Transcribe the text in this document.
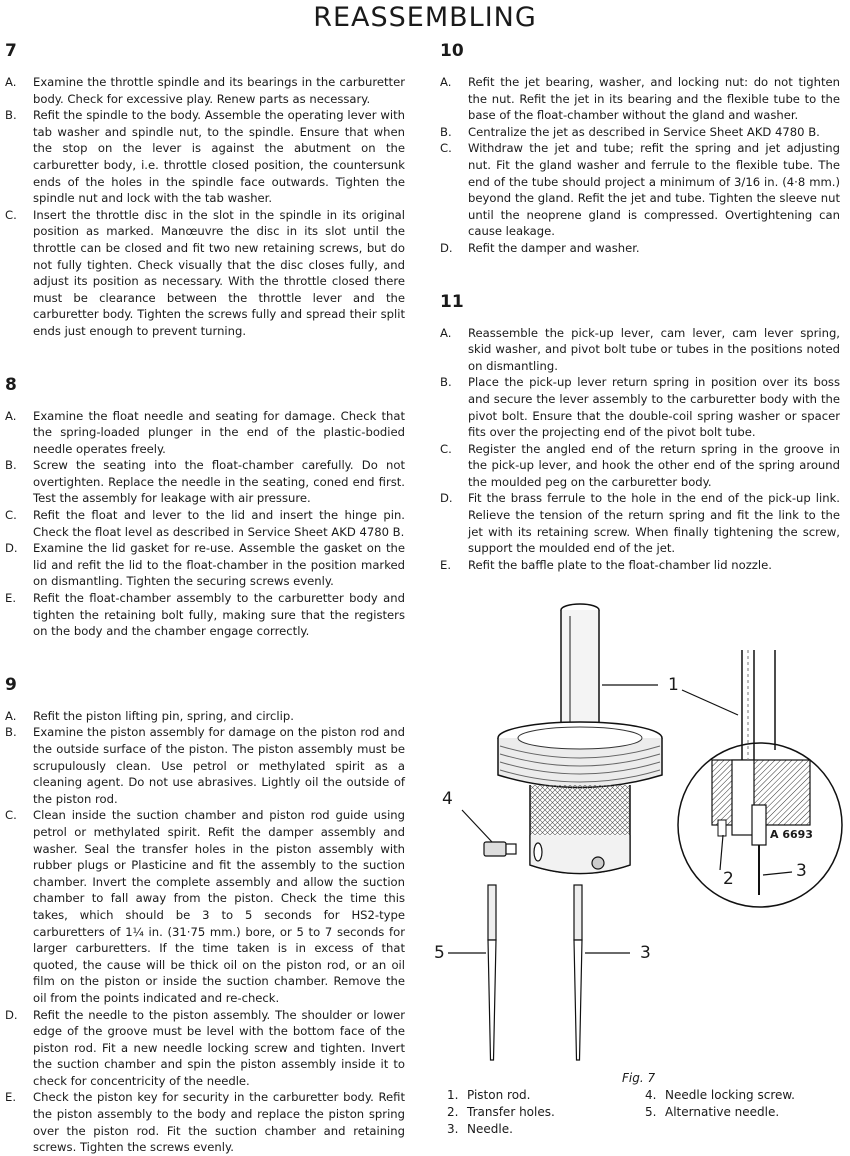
REASSEMBLING
7
A.	Examine the throttle spindle and its bearings in the carburetter body. Check for excessive play. Renew parts as necessary.
B.	Refit the spindle to the body. Assemble the operating lever with tab washer and spindle nut, to the spindle. Ensure that when the stop on the lever is against the abutment on the carburetter body, i.e. throttle closed position, the countersunk ends of the holes in the spindle face outwards. Tighten the spindle nut and lock with the tab washer.
C.	Insert the throttle disc in the slot in the spindle in its original position as marked. Manœuvre the disc in its slot until the throttle can be closed and fit two new retaining screws, but do not fully tighten. Check visually that the disc closes fully, and adjust its position as necessary. With the throttle closed there must be clearance between the throttle lever and the carburetter body. Tighten the screws fully and spread their split ends just enough to prevent turning.
8
A.	Examine the float needle and seating for damage. Check that the spring-loaded plunger in the end of the plastic-bodied needle operates freely.
B.	Screw the seating into the float-chamber carefully. Do not overtighten. Replace the needle in the seating, coned end first. Test the assembly for leakage with air pressure.
C.	Refit the float and lever to the lid and insert the hinge pin. Check the float level as described in Service Sheet AKD 4780 B.
D.	Examine the lid gasket for re-use. Assemble the gasket on the lid and refit the lid to the float-chamber in the position marked on dismantling. Tighten the securing screws evenly.
E.	Refit the float-chamber assembly to the carburetter body and tighten the retaining bolt fully, making sure that the registers on the body and the chamber engage correctly.
9
A.	Refit the piston lifting pin, spring, and circlip.
B.	Examine the piston assembly for damage on the piston rod and the outside surface of the piston. The piston assembly must be scrupulously clean. Use petrol or methylated spirit as a cleaning agent. Do not use abrasives. Lightly oil the outside of the piston rod.
C.	Clean inside the suction chamber and piston rod guide using petrol or methylated spirit. Refit the damper assembly and washer. Seal the transfer holes in the piston assembly with rubber plugs or Plasticine and fit the assembly to the suction chamber. Invert the complete assembly and allow the suction chamber to fall away from the piston. Check the time this takes, which should be 3 to 5 seconds for HS2-type carburetters of 1¼ in. (31·75 mm.) bore, or 5 to 7 seconds for larger carburetters. If the time taken is in excess of that quoted, the cause will be thick oil on the piston rod, or an oil film on the piston or inside the suction chamber. Remove the oil from the points indicated and re-check.
D.	Refit the needle to the piston assembly. The shoulder or lower edge of the groove must be level with the bottom face of the piston rod. Fit a new needle locking screw and tighten. Invert the suction chamber and spin the piston assembly inside it to check for concentricity of the needle.
E.	Check the piston key for security in the carburetter body. Refit the piston assembly to the body and replace the piston spring over the piston rod. Fit the suction chamber and retaining screws. Tighten the screws evenly.
10
A.	Refit the jet bearing, washer, and locking nut: do not tighten the nut. Refit the jet in its bearing and the flexible tube to the base of the float-chamber without the gland and washer.
B.	Centralize the jet as described in Service Sheet AKD 4780 B.
C.	Withdraw the jet and tube; refit the spring and jet adjusting nut. Fit the gland washer and ferrule to the flexible tube. The end of the tube should project a minimum of 3/16 in. (4·8 mm.) beyond the gland. Refit the jet and tube. Tighten the sleeve nut until the neoprene gland is compressed. Overtightening can cause leakage.
D.	Refit the damper and washer.
11
A.	Reassemble the pick-up lever, cam lever, cam lever spring, skid washer, and pivot bolt tube or tubes in the positions noted on dismantling.
B.	Place the pick-up lever return spring in position over its boss and secure the lever assembly to the carburetter body with the pivot bolt. Ensure that the double-coil spring washer or spacer fits over the projecting end of the pivot bolt tube.
C.	Register the angled end of the return spring in the groove in the pick-up lever, and hook the other end of the spring around the moulded peg on the carburetter body.
D.	Fit the brass ferrule to the hole in the end of the pick-up link. Relieve the tension of the return spring and fit the link to the jet with its retaining screw. When finally tightening the screw, support the moulded end of the jet.
E.	Refit the baffle plate to the float-chamber lid nozzle.
1
2	3
3
4
5
A 6693
Fig. 7
1. Piston rod.
2. Transfer holes.
3. Needle.
4. Needle locking screw.
5. Alternative needle.
